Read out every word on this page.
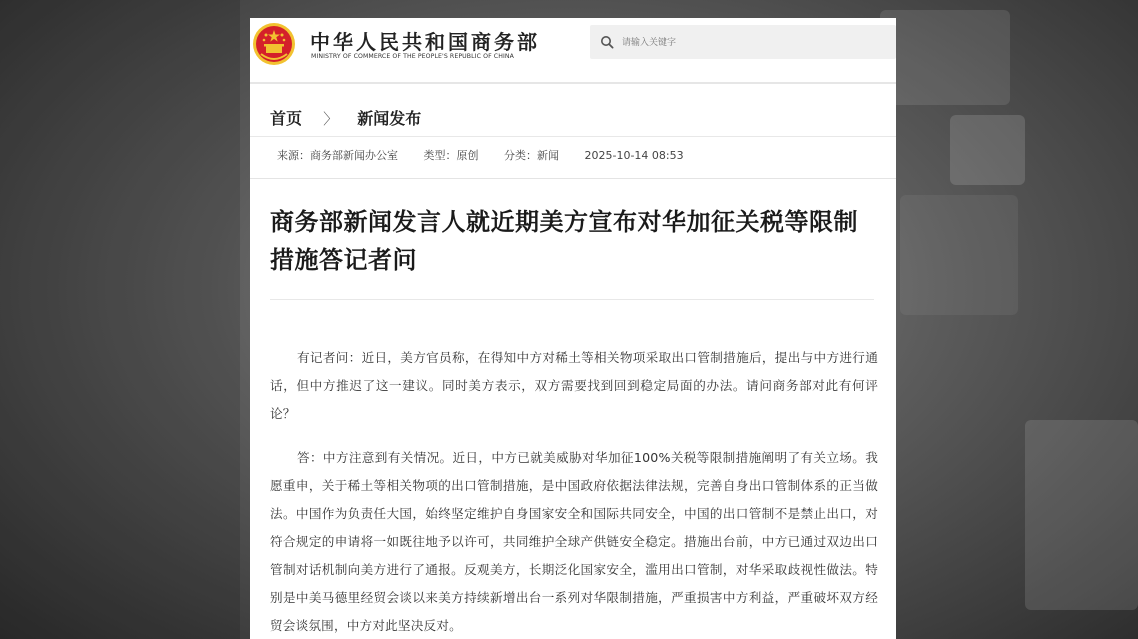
中华人民共和国商务部
MINISTRY OF COMMERCE OF THE PEOPLE'S REPUBLIC OF CHINA
请输入关键字
首页 〉 新闻发布
来源：商务部新闻办公室 类型：原创 分类：新闻 2025-10-14 08:53
商务部新闻发言人就近期美方宣布对华加征关税等限制措施答记者问
有记者问：近日，美方官员称，在得知中方对稀土等相关物项采取出口管制措施后，提出与中方进行通话，但中方推迟了这一建议。同时美方表示，双方需要找到回到稳定局面的办法。请问商务部对此有何评论？
答：中方注意到有关情况。近日，中方已就美威胁对华加征100%关税等限制措施阐明了有关立场。我愿重申，关于稀土等相关物项的出口管制措施，是中国政府依据法律法规，完善自身出口管制体系的正当做法。中国作为负责任大国，始终坚定维护自身国家安全和国际共同安全，中国的出口管制不是禁止出口，对符合规定的申请将一如既往地予以许可，共同维护全球产供链安全稳定。措施出台前，中方已通过双边出口管制对话机制向美方进行了通报。反观美方，长期泛化国家安全，滥用出口管制，对华采取歧视性做法。特别是中美马德里经贸会谈以来美方持续新增出台一系列对华限制措施，严重损害中方利益，严重破坏双方经贸会谈氛围，中方对此坚决反对。
